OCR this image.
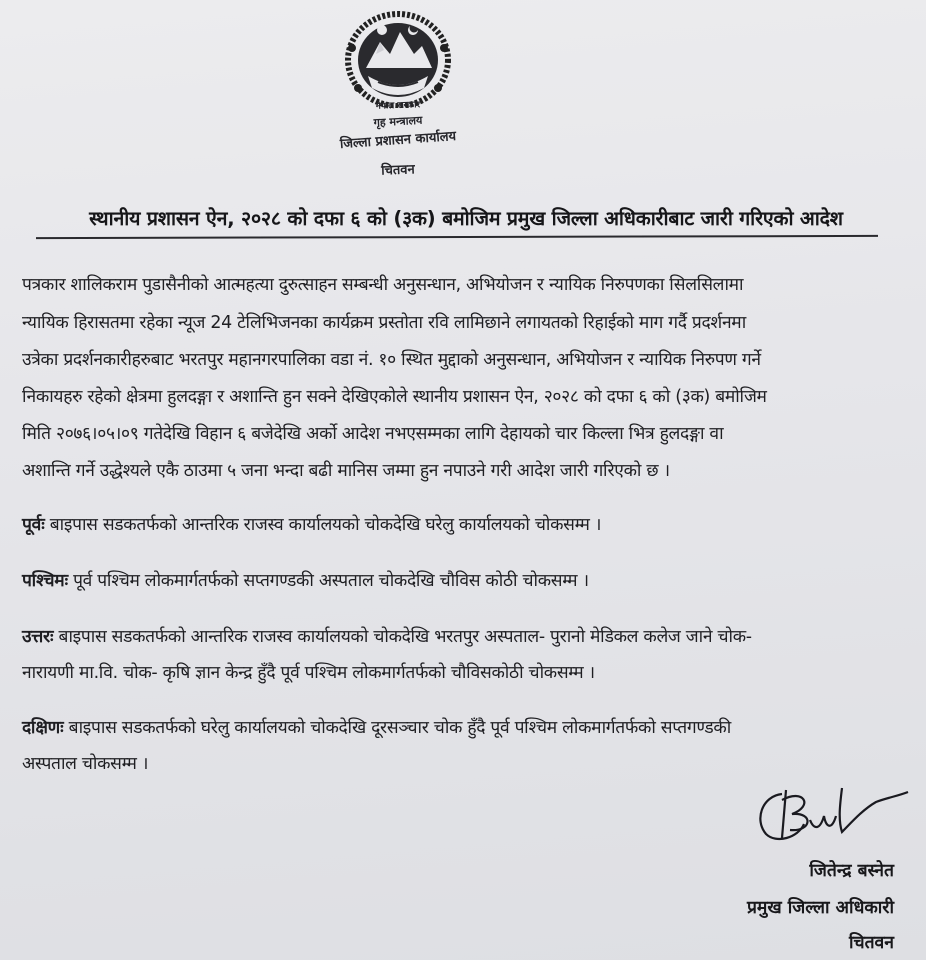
नेपाल सरकार
गृह मन्त्रालय
जिल्ला प्रशासन कार्यालय
चितवन
स्थानीय प्रशासन ऐन, २०२८ को दफा ६ को (३क) बमोजिम प्रमुख जिल्ला अधिकारीबाट जारी गरिएको आदेश
पत्रकार शालिकराम पुडासैनीको आत्महत्या दुरुत्साहन सम्बन्धी अनुसन्धान, अभियोजन र न्यायिक निरुपणका सिलसिलामा
न्यायिक हिरासतमा रहेका न्यूज 24 टेलिभिजनका कार्यक्रम प्रस्तोता रवि लामिछाने लगायतको रिहाईको माग गर्दै प्रदर्शनमा
उत्रेका प्रदर्शनकारीहरुबाट भरतपुर महानगरपालिका वडा नं. १० स्थित मुद्दाको अनुसन्धान, अभियोजन र न्यायिक निरुपण गर्ने
निकायहरु रहेको क्षेत्रमा हुलदङ्गा र अशान्ति हुन सक्ने देखिएकोले स्थानीय प्रशासन ऐन, २०२८ को दफा ६ को (३क) बमोजिम
मिति २०७६।०५।०९ गतेदेखि विहान ६ बजेदेखि अर्को आदेश नभएसम्मका लागि देहायको चार किल्ला भित्र हुलदङ्गा वा
अशान्ति गर्ने उद्धेश्यले एकै ठाउमा ५ जना भन्दा बढी मानिस जम्मा हुन नपाउने गरी आदेश जारी गरिएको छ ।
पूर्वः बाइपास सडकतर्फको आन्तरिक राजस्व कार्यालयको चोकदेखि घरेलु कार्यालयको चोकसम्म ।
पश्चिमः पूर्व पश्चिम लोकमार्गतर्फको सप्तगण्डकी अस्पताल चोकदेखि चौविस कोठी चोकसम्म ।
उत्तरः बाइपास सडकतर्फको आन्तरिक राजस्व कार्यालयको चोकदेखि भरतपुर अस्पताल- पुरानो मेडिकल कलेज जाने चोक-
नारायणी मा.वि. चोक- कृषि ज्ञान केन्द्र हुँदै पूर्व पश्चिम लोकमार्गतर्फको चौविसकोठी चोकसम्म ।
दक्षिणः बाइपास सडकतर्फको घरेलु कार्यालयको चोकदेखि दूरसञ्चार चोक हुँदै पूर्व पश्चिम लोकमार्गतर्फको सप्तगण्डकी
अस्पताल चोकसम्म ।
जितेन्द्र बस्नेत
प्रमुख जिल्ला अधिकारी
चितवन
